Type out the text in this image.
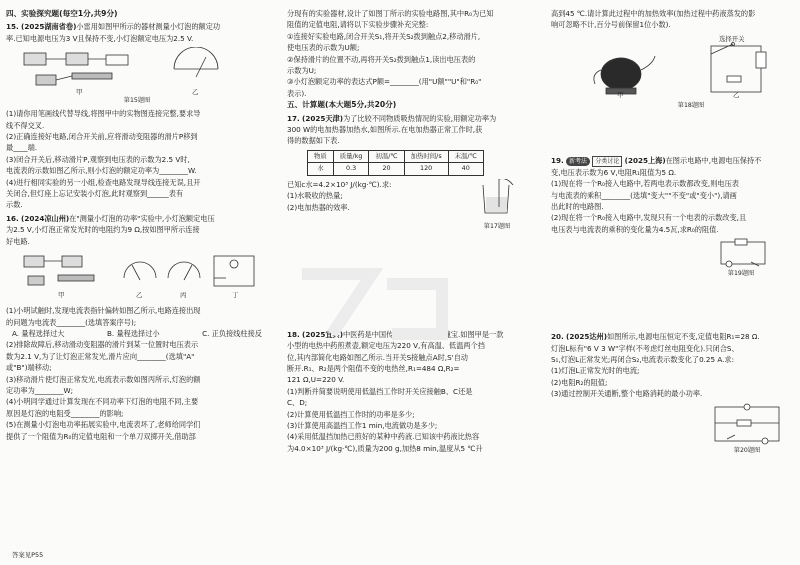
四、实验探究题(每空1分,共9分)

15. (2025湖南省卷)小雷用如图甲所示的器材测量小灯泡的额定功

率.已知电源电压为3 V且保持不变,小灯泡额定电压为2.5 V.

甲	乙
第15题图

(1)请你用笔画线代替导线,将图甲中的实物图连接完整,要求导

线不得交叉.

(2)正确连接好电路,闭合开关前,应将滑动变阻器的滑片P移到

最____端.

(3)闭合开关后,移动滑片P,观察到电压表的示数为2.5 V时,

电流表的示数如图乙所示,则小灯泡的额定功率为________W.

(4)进行相同实验的另一小组,检查电路发现导线连接无误,且开

关闭合,但灯座上忘记安装小灯泡,此时观察到______表有

示数.

16. (2024凉山州)在"测量小灯泡的功率"实验中,小灯泡额定电压

为2.5 V,小灯泡正常发光时的电阻约为9 Ω,按如图甲所示连接

好电路.

甲	乙	丙	丁

(1)小明试触时,发现电流表指针偏转如图乙所示,电路连接出现

的问题为电流表________(选填答案序号);

A. 量程选择过大	B. 量程选择过小	C. 正负接线柱接反

(2)排除故障后,移动滑动变阻器的滑片到某一位置时电压表示

数为2.1 V,为了让灯泡正常发光,滑片应向________(选填"A"

或"B")端移动;

(3)移动滑片使灯泡正常发光,电流表示数如图丙所示,灯泡的额

定功率为________W;

(4)小明同学通过计算发现在不同功率下灯泡的电阻不同,主要

原因是灯泡的电阻受________的影响;

(5)在测量小灯泡电功率拓展实验中,电流表坏了,老师给同学们

提供了一个阻值为R₀的定值电阻和一个单刀双掷开关,借助部

分现有的实验器材,设计了如图丁所示的实验电路图,其中R₀为已知

阻值的定值电阻,请将以下实验步骤补充完整:

①连接好实验电路,闭合开关S₁,将开关S₂拨到触点2,移动滑片,

使电压表的示数为U额;

②保持滑片的位置不动,再将开关S₂拨到触点1,读出电压表的

示数为U;

③小灯泡额定功率的表达式P额=________(用"U额""U"和"R₀"

表示).

五、计算题(本大题5分,共20分)

17. (2025天津)为了比较不同物质吸热情况的实验,用额定功率为

300 W的电加热器加热水,如图所示.在电加热器正常工作时,获

得的数据如下表.

物质	质量/kg	初温/℃	加热时间/s	末温/℃
水	0.3	20	120	40

已知c水=4.2×10³ J/(kg·℃).求:

(1)水吸收的热量;

(2)电加热器的效率.

第17题图

18. (2025宜宾)中医药是中国传承几千年的文化瑰宝.如图甲是一款

小型的电热中药煎煮壶,额定电压为220 V,有高温、低温两个挡

位,其内部简化电路如图乙所示.当开关S接触点A时,S'自动

断开.R₁、R₂是两个阻值不变的电热丝,R₁=484 Ω,R₂=

121 Ω,U=220 V.

(1)判断并简要说明使用低温挡工作时开关应接触B、C还是

C、D;

(2)计算使用低温挡工作时的功率是多少;

(3)计算使用高温挡工作1 min,电流做功是多少;

(4)采用低温挡加热已煎好的某种中药液.已知该中药液比热容

为4.0×10³ J/(kg·℃),质量为200 g,加热8 min,温度从5 ℃升

高到45 ℃.请计算此过程中的加热效率(加热过程中药液蒸发的影

响可忽略不计,百分号前保留1位小数).

选择开关
甲	乙
第18题图

19. 新考法 分类讨论 (2025上海)在图示电路中,电源电压保持不

变,电压表示数为6 V,电阻R₁阻值为5 Ω.

(1)现在将一个R₀接入电路中,若两电表示数都改变,则电压表

与电流表的乘积________(选填"变大""不变"或"变小"),请画

出此时的电路图.

(2)现在将一个R₀接入电路中,发现只有一个电表的示数改变,且

电压表与电流表的乘积的变化量为4.5瓦,求R₀的阻值.

第19题图

20. (2025达州)如图所示,电源电压恒定不变,定值电阻R₁=28 Ω.

灯泡L标有"6 V 3 W"字样(不考虑灯丝电阻变化).只闭合S、

S₁,灯泡L正常发光;再闭合S₂,电流表示数变化了0.25 A.求:

(1)灯泡L正常发光时的电流;

(2)电阻R₂的阻值;

(3)通过控制开关通断,整个电路消耗的最小功率.

第20题图
答案见P55
